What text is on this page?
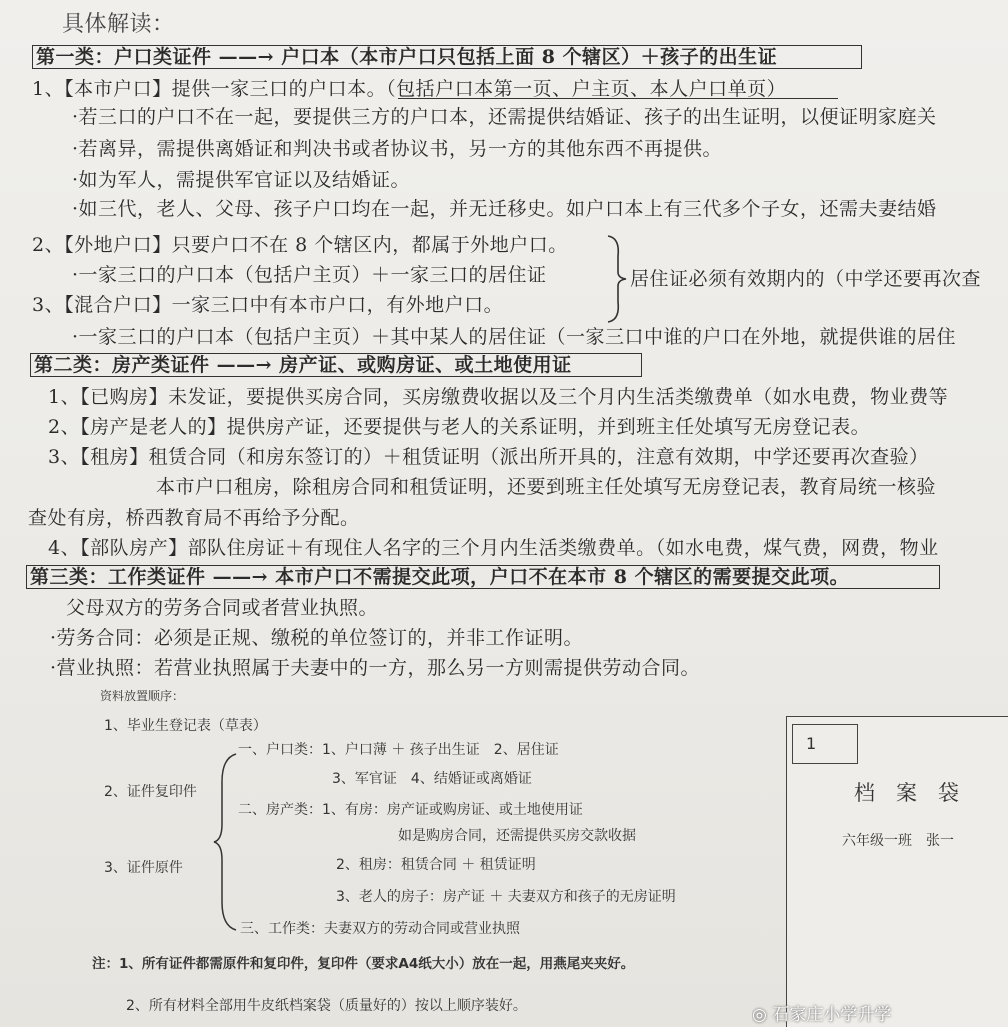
具体解读：
第一类：户口类证件 ——→ 户口本（本市户口只包括上面 8 个辖区）＋孩子的出生证
1、【本市户口】提供一家三口的户口本。（包括户口本第一页、户主页、本人户口单页）
·若三口的户口不在一起，要提供三方的户口本，还需提供结婚证、孩子的出生证明，以便证明家庭关
·若离异，需提供离婚证和判决书或者协议书，另一方的其他东西不再提供。
·如为军人，需提供军官证以及结婚证。
·如三代，老人、父母、孩子户口均在一起，并无迁移史。如户口本上有三代多个子女，还需夫妻结婚
2、【外地户口】只要户口不在 8 个辖区内，都属于外地户口。
·一家三口的户口本（包括户主页）＋一家三口的居住证
3、【混合户口】一家三口中有本市户口，有外地户口。
居住证必须有效期内的（中学还要再次查
·一家三口的户口本（包括户主页）＋其中某人的居住证（一家三口中谁的户口在外地，就提供谁的居住
第二类：房产类证件 ——→ 房产证、或购房证、或土地使用证
1、【已购房】未发证，要提供买房合同，买房缴费收据以及三个月内生活类缴费单（如水电费，物业费等
2、【房产是老人的】提供房产证，还要提供与老人的关系证明，并到班主任处填写无房登记表。
3、【租房】租赁合同（和房东签订的）＋租赁证明（派出所开具的，注意有效期，中学还要再次查验）
本市户口租房，除租房合同和租赁证明，还要到班主任处填写无房登记表，教育局统一核验
查处有房，桥西教育局不再给予分配。
4、【部队房产】部队住房证＋有现住人名字的三个月内生活类缴费单。（如水电费，煤气费，网费，物业
第三类：工作类证件 ——→ 本市户口不需提交此项，户口不在本市 8 个辖区的需要提交此项。
父母双方的劳务合同或者营业执照。
·劳务合同：必须是正规、缴税的单位签订的，并非工作证明。
·营业执照：若营业执照属于夫妻中的一方，那么另一方则需提供劳动合同。
资料放置顺序：
1、毕业生登记表（草表）
2、证件复印件
3、证件原件
一、户口类：1、户口薄 ＋ 孩子出生证　2、居住证
3、军官证　4、结婚证或离婚证
二、房产类：1、有房：房产证或购房证、或土地使用证
如是购房合同，还需提供买房交款收据
2、租房：租赁合同 ＋ 租赁证明
3、老人的房子：房产证 ＋ 夫妻双方和孩子的无房证明
三、工作类：夫妻双方的劳动合同或营业执照
注：1、所有证件都需原件和复印件，复印件（要求A4纸大小）放在一起，用燕尾夹夹好。
2、所有材料全部用牛皮纸档案袋（质量好的）按以上顺序装好。
1
档　案　袋
六年级一班　张一
◎ 石家庄小学升学
